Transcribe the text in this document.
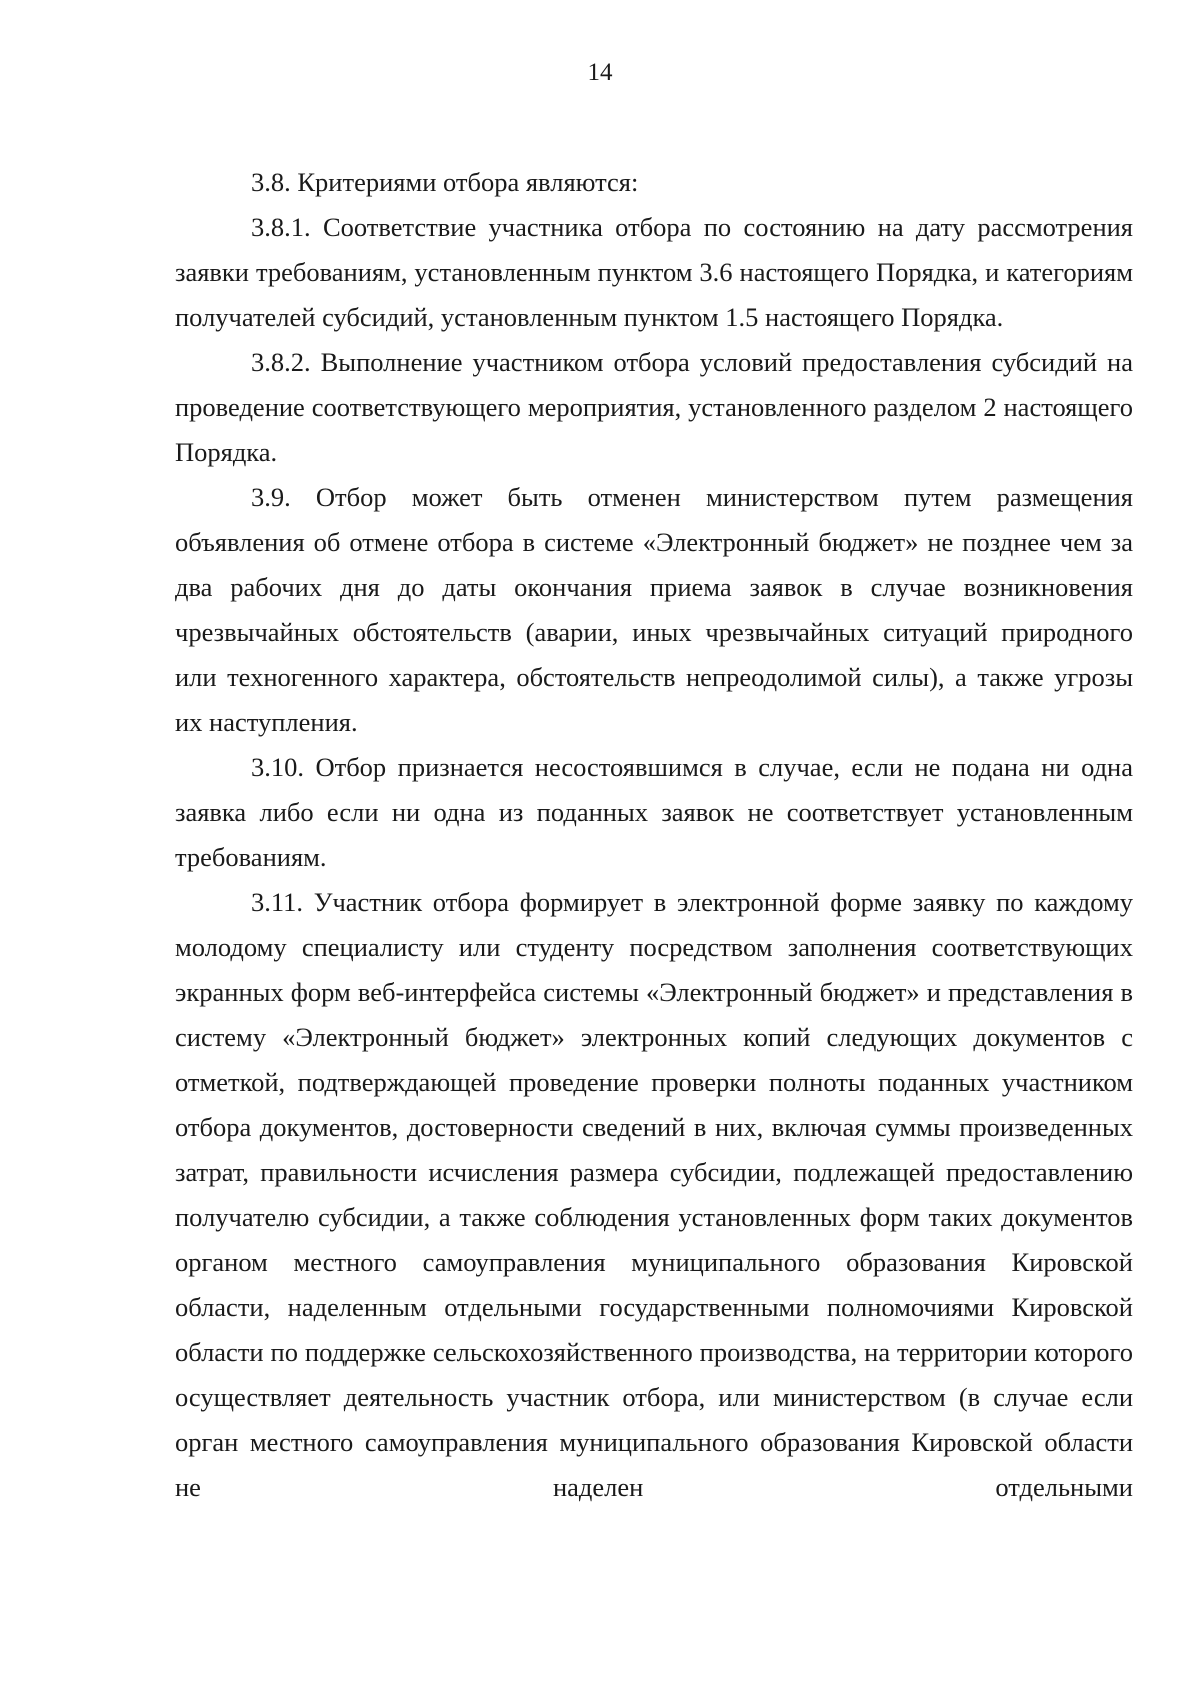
14

3.8. Критериями отбора являются:

3.8.1. Соответствие участника отбора по состоянию на дату рассмотрения заявки требованиям, установленным пунктом 3.6 настоящего Порядка, и категориям получателей субсидий, установленным пунктом 1.5 настоящего Порядка.

3.8.2. Выполнение участником отбора условий предоставления субсидий на проведение соответствующего мероприятия, установленного разделом 2 настоящего Порядка.

3.9. Отбор может быть отменен министерством путем размещения объявления об отмене отбора в системе «Электронный бюджет» не позднее чем за два рабочих дня до даты окончания приема заявок в случае возникновения чрезвычайных обстоятельств (аварии, иных чрезвычайных ситуаций природного или техногенного характера, обстоятельств непреодолимой силы), а также угрозы их наступления.

3.10. Отбор признается несостоявшимся в случае, если не подана ни одна заявка либо если ни одна из поданных заявок не соответствует установленным требованиям.

3.11. Участник отбора формирует в электронной форме заявку по каждому молодому специалисту или студенту посредством заполнения соответствующих экранных форм веб-интерфейса системы «Электронный бюджет» и представления в систему «Электронный бюджет» электронных копий следующих документов с отметкой, подтверждающей проведение проверки полноты поданных участником отбора документов, достоверности сведений в них, включая суммы произведенных затрат, правильности исчисления размера субсидии, подлежащей предоставлению получателю субсидии, а также соблюдения установленных форм таких документов органом местного самоуправления муниципального образования Кировской области, наделенным отдельными государственными полномочиями Кировской области по поддержке сельскохозяйственного производства, на территории которого осуществляет деятельность участник отбора, или министерством (в случае если орган местного самоуправления муниципального образования Кировской области не наделен отдельными
